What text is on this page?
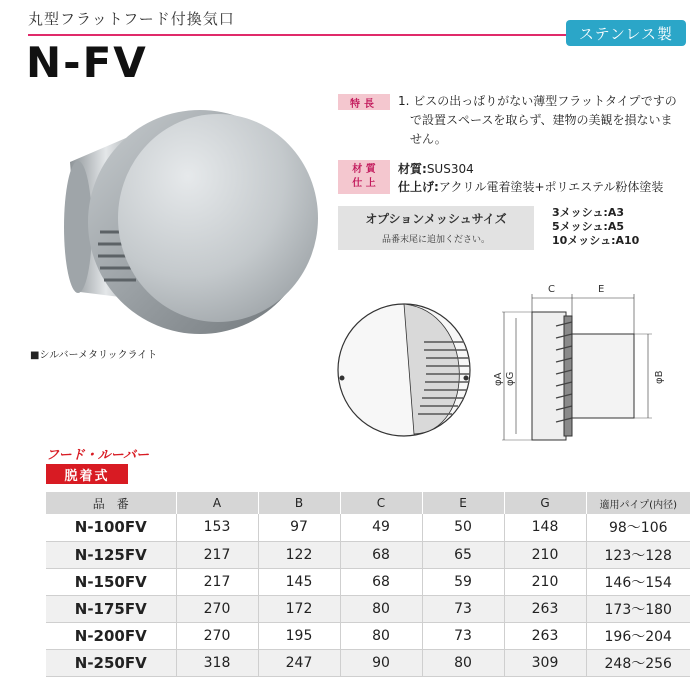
丸型フラットフード付換気口
ステンレス製
N-FV
■シルバーメタリックライト
特長	1. ビスの出っぱりがない薄型フラットタイプですの
で設置スペースを取らず、建物の美観を損ないま
せん。
材 質
仕 上
材質:SUS304
仕上げ:アクリル電着塗装+ポリエステル粉体塗装
オプションメッシュサイズ
品番末尾に追加ください。
3メッシュ:A3
5メッシュ:A5
10メッシュ:A10
C	E
φA φG	φB
フード・ルーバー
脱着式
品　番	A	B	C	E	G	適用パイプ(内径)
N-100FV	153	97	49	50	148	98〜106
N-125FV	217	122	68	65	210	123〜128
N-150FV	217	145	68	59	210	146〜154
N-175FV	270	172	80	73	263	173〜180
N-200FV	270	195	80	73	263	196〜204
N-250FV	318	247	90	80	309	248〜256
